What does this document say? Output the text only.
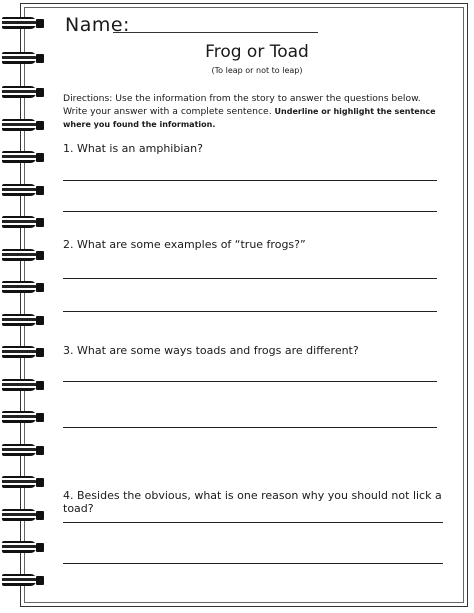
Name:
Frog or Toad
(To leap or not to leap)
Directions: Use the information from the story to answer the questions below. Write your answer with a complete sentence. Underline or highlight the sentence where you found the information.
1. What is an amphibian?
2. What are some examples of “true frogs?”
3. What are some ways toads and frogs are different?
4. Besides the obvious, what is one reason why you should not lick a toad?
